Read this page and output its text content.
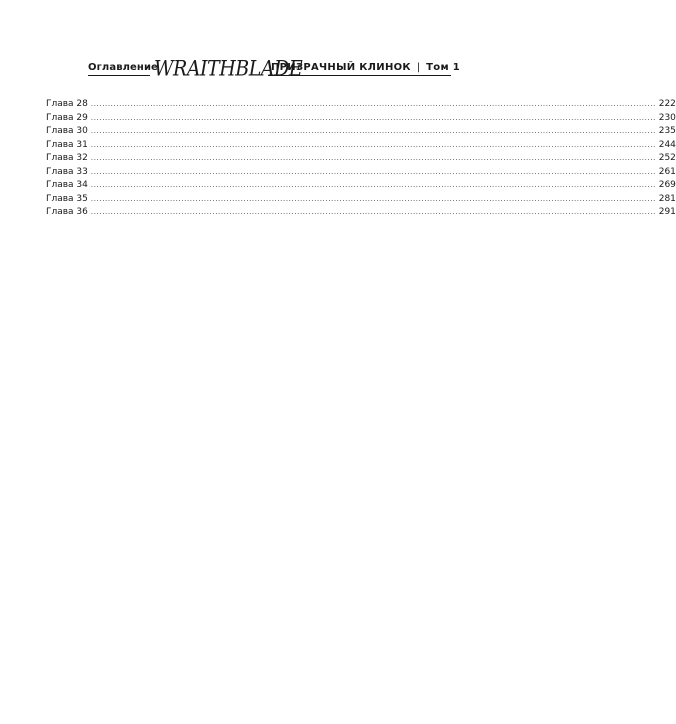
Оглавление
WRAITHBLADE
ПРИЗРАЧНЫЙ КЛИНОК | Том 1
Глава 28 ........................................................................................................................................................................................................ 222
Глава 29 ........................................................................................................................................................................................................ 230
Глава 30 ........................................................................................................................................................................................................ 235
Глава 31 ........................................................................................................................................................................................................ 244
Глава 32 ........................................................................................................................................................................................................ 252
Глава 33 ........................................................................................................................................................................................................ 261
Глава 34 ........................................................................................................................................................................................................ 269
Глава 35 ........................................................................................................................................................................................................ 281
Глава 36 ........................................................................................................................................................................................................ 291
